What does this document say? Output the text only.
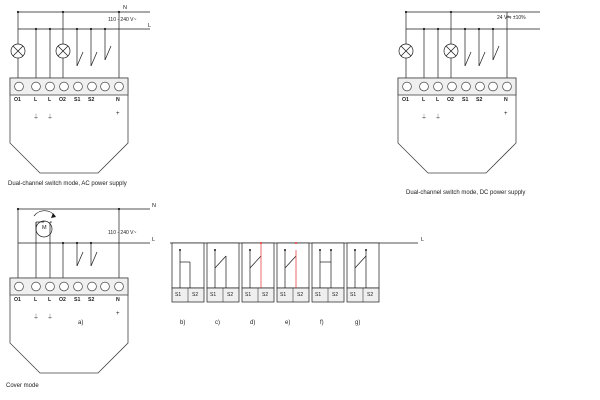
N
L
110 - 240 V~
O1	L L O2 S1 S2	N
⏚ ⏚
+
Dual-channel switch mode, AC power supply
24 V⇋ ±10%
O1	L L O2 S1 S2	N
⏚ ⏚
+
Dual-channel switch mode, DC power supply
N
L
110 - 240 V~
M
O1	L L O2 S1 S2	N
⏚ ⏚
+
Cover mode
a)
L
S1 S2
b)
S1 S2
c)
S1 S2
d)
S1 S2
e)
S1 S2
f)
S1 S2
g)
